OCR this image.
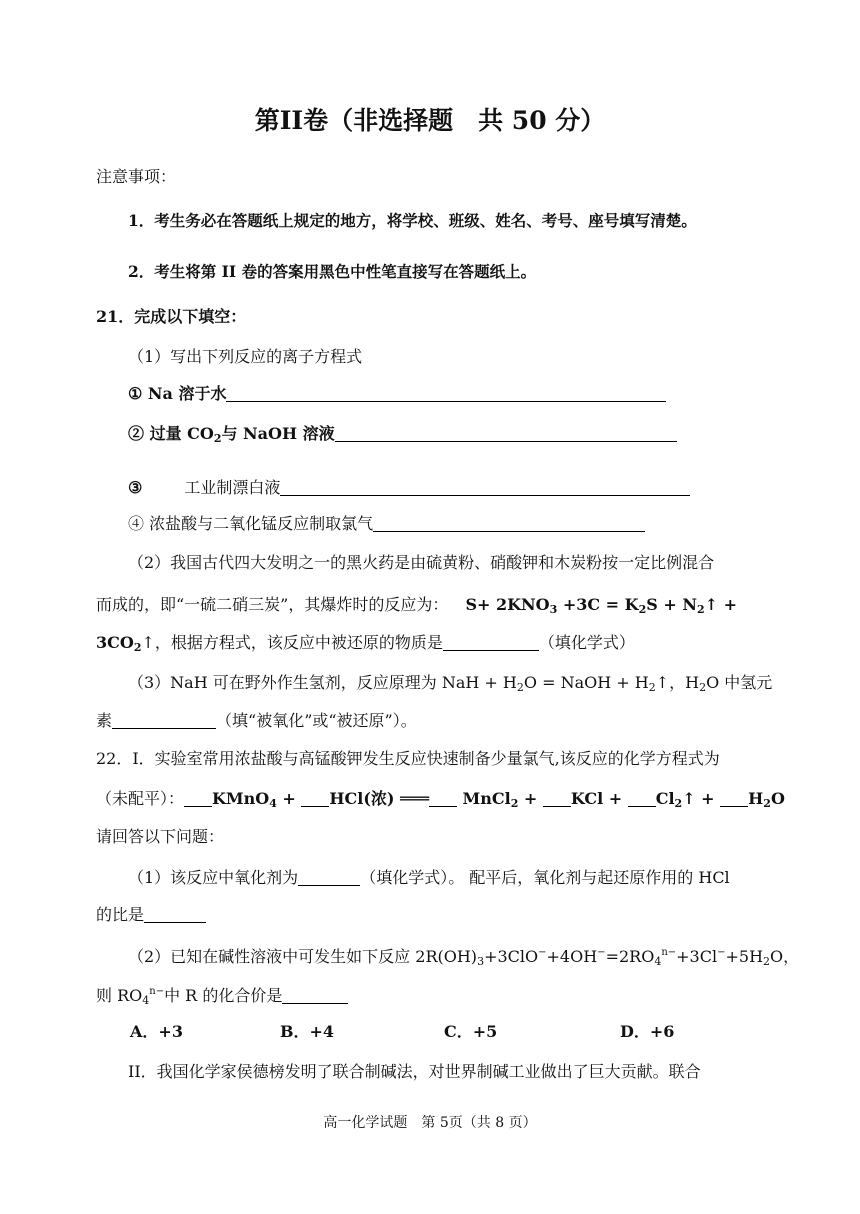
第II卷（非选择题　共 50 分）
注意事项：
1．考生务必在答题纸上规定的地方，将学校、班级、姓名、考号、座号填写清楚。
2．考生将第 II 卷的答案用黑色中性笔直接写在答题纸上。
21．完成以下填空：
（1）写出下列反应的离子方程式
① Na 溶于水
② 过量 $CO_2$与 NaOH 溶液
③	工业制漂白液
④ 浓盐酸与二氧化锰反应制取氯气
（2）我国古代四大发明之一的黑火药是由硫黄粉、硝酸钾和木炭粉按一定比例混合
而成的，即“一硫二硝三炭”，其爆炸时的反应为： $S+ 2KNO_3 +3C = K_2S$ + $N_2↑$ +
$3CO_2↑$，根据方程式，该反应中被还原的物质是	（填化学式）
（3）NaH 可在野外作生氢剂，反应原理为 NaH + $H_2O$ = NaOH + $H_2↑$，$H_2O$ 中氢元
素	（填“被氧化”或“被还原”）。
22．I．实验室常用浓盐酸与高锰酸钾发生反应快速制备少量氯气,该反应的化学方程式为
（未配平）： KMnO$_4$ + HCl(浓) ═══ MnCl$_2$ + KCl + $Cl_2↑ + H_2O$
请回答以下问题：
（1）该反应中氧化剂为	（填化学式）。 配平后，氧化剂与起还原作用的 HCl
的比是
（2）已知在碱性溶液中可发生如下反应 $2R(OH)_3+3ClO^-+4OH^-=2RO_4^{n-}+3Cl^-+5H_2O$，
则 $RO_4^{n-}$中 R 的化合价是
A．+3	B．+4	C．+5	D．+6
II．我国化学家侯德榜发明了联合制碱法，对世界制碱工业做出了巨大贡献。联合
高一化学试题　第 5页（共 8 页）
